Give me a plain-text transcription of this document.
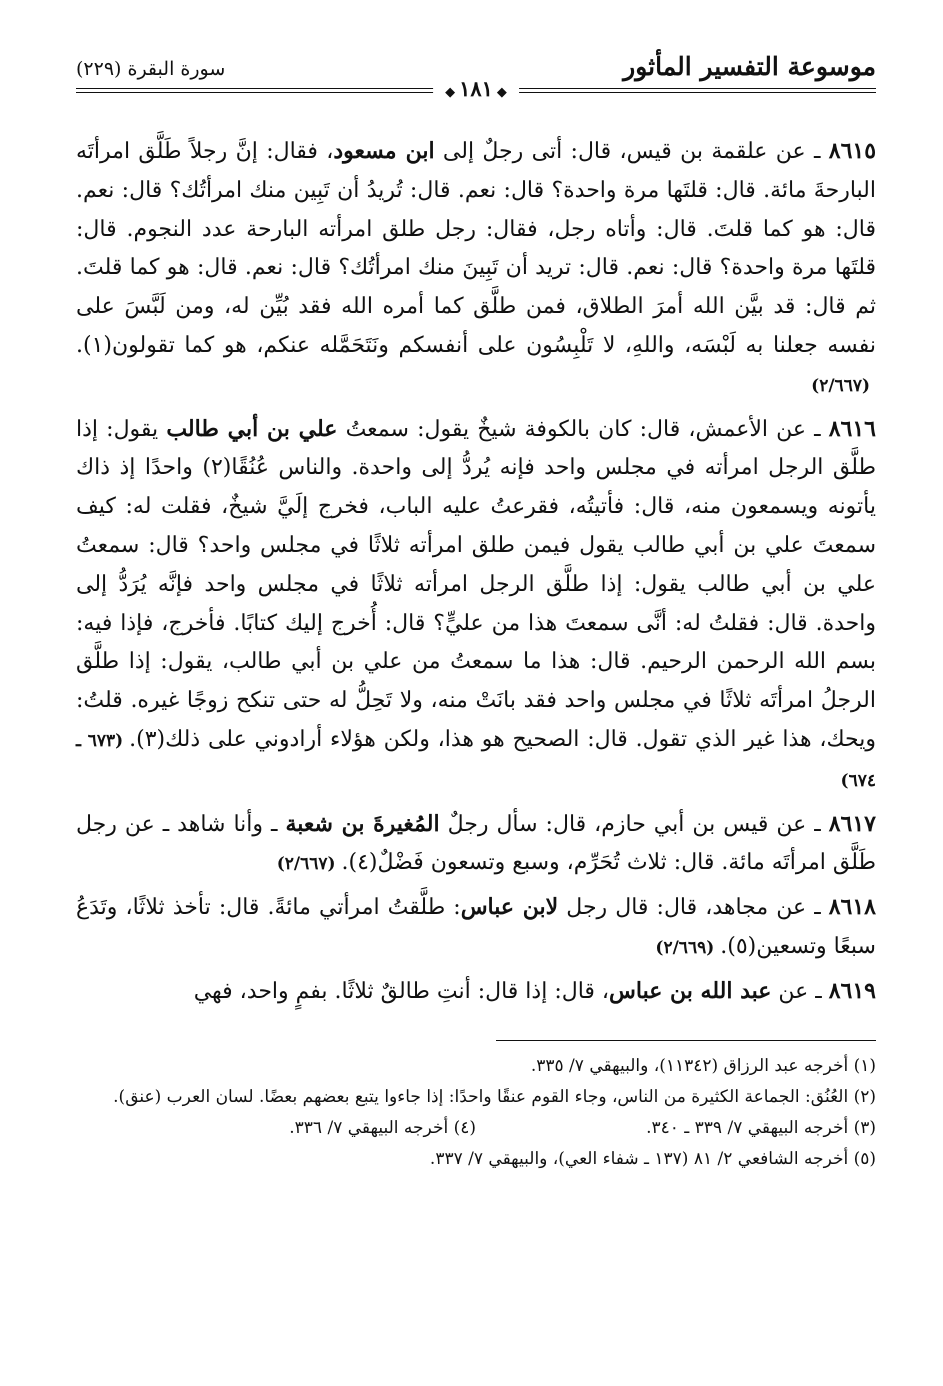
موسوعة التفسير المأثور
سورة البقرة (٢٢٩)
◆١٨١◆

٨٦١٥ ـ عن علقمة بن قيس، قال: أتى رجلٌ إلى ابن مسعود، فقال: إنَّ رجلاً طَلَّق امرأتَه البارحةَ مائة. قال: قلتَها مرة واحدة؟ قال: نعم. قال: تُريدُ أن تَبِين منك امرأتُك؟ قال: نعم. قال: هو كما قلتَ. قال: وأتاه رجل، فقال: رجل طلق امرأته البارحة عدد النجوم. قال: قلتَها مرة واحدة؟ قال: نعم. قال: تريد أن تَبِينَ منك امرأتُك؟ قال: نعم. قال: هو كما قلتَ. ثم قال: قد بيَّن الله أمرَ الطلاق، فمن طلَّق كما أمره الله فقد بُيِّن له، ومن لَبَّسَ على نفسه جعلنا به لَبْسَه، واللهِ، لا تَلْبِسُون على أنفسكم ونَتَحَمَّله عنكم، هو كما تقولون(١).(٢/٦٦٧)

٨٦١٦ ـ عن الأعمش، قال: كان بالكوفة شيخٌ يقول: سمعتُ علي بن أبي طالب يقول: إذا طلَّق الرجل امرأته في مجلس واحد فإنه يُردُّ إلى واحدة. والناس عُنُقًا(٢) واحدًا إذ ذاك يأتونه ويسمعون منه، قال: فأتيتُه، فقرعتُ عليه الباب، فخرج إلَيَّ شيخٌ، فقلت له: كيف سمعتَ علي بن أبي طالب يقول فيمن طلق امرأته ثلاثًا في مجلس واحد؟ قال: سمعتُ علي بن أبي طالب يقول: إذا طلَّق الرجل امرأته ثلاثًا في مجلس واحد فإنَّه يُرَدُّ إلى واحدة. قال: فقلتُ له: أنَّى سمعتَ هذا من عليٍّ؟ قال: أُخرج إليك كتابًا. فأخرج، فإذا فيه: بسم الله الرحمن الرحيم. قال: هذا ما سمعتُ من علي بن أبي طالب، يقول: إذا طلَّق الرجلُ امرأتَه ثلاثًا في مجلس واحد فقد بانَتْ منه، ولا تَحِلُّ له حتى تنكح زوجًا غيره. قلتُ: ويحك، هذا غير الذي تقول. قال: الصحيح هو هذا، ولكن هؤلاء أرادوني على ذلك(٣).(٦٧٣ ـ ٦٧٤)

٨٦١٧ ـ عن قيس بن أبي حازم، قال: سأل رجلٌ المُغيرةَ بن شعبة ـ وأنا شاهد ـ عن رجل طَلَّق امرأتَه مائة. قال: ثلاث تُحَرِّم، وسبع وتسعون فَضْلٌ(٤).(٢/٦٦٧)

٨٦١٨ ـ عن مجاهد، قال: قال رجل لابن عباس: طلَّقتُ امرأتي مائةً. قال: تأخذ ثلاثًا، وتَدَعُ سبعًا وتسعين(٥).(٢/٦٦٩)

٨٦١٩ ـ عن عبد الله بن عباس، قال: إذا قال: أنتِ طالقٌ ثلاثًا. بفمٍ واحد، فهي

(١) أخرجه عبد الرزاق (١١٣٤٢)، والبيهقي ٧/ ٣٣٥.
(٢) العُنُق: الجماعة الكثيرة من الناس، وجاء القوم عنقًا واحدًا: إذا جاءوا يتبع بعضهم بعضًا. لسان العرب (عنق).
(٣) أخرجه البيهقي ٧/ ٣٣٩ ـ ٣٤٠.
(٤) أخرجه البيهقي ٧/ ٣٣٦.
(٥) أخرجه الشافعي ٢/ ٨١ (١٣٧ ـ شفاء العي)، والبيهقي ٧/ ٣٣٧.
